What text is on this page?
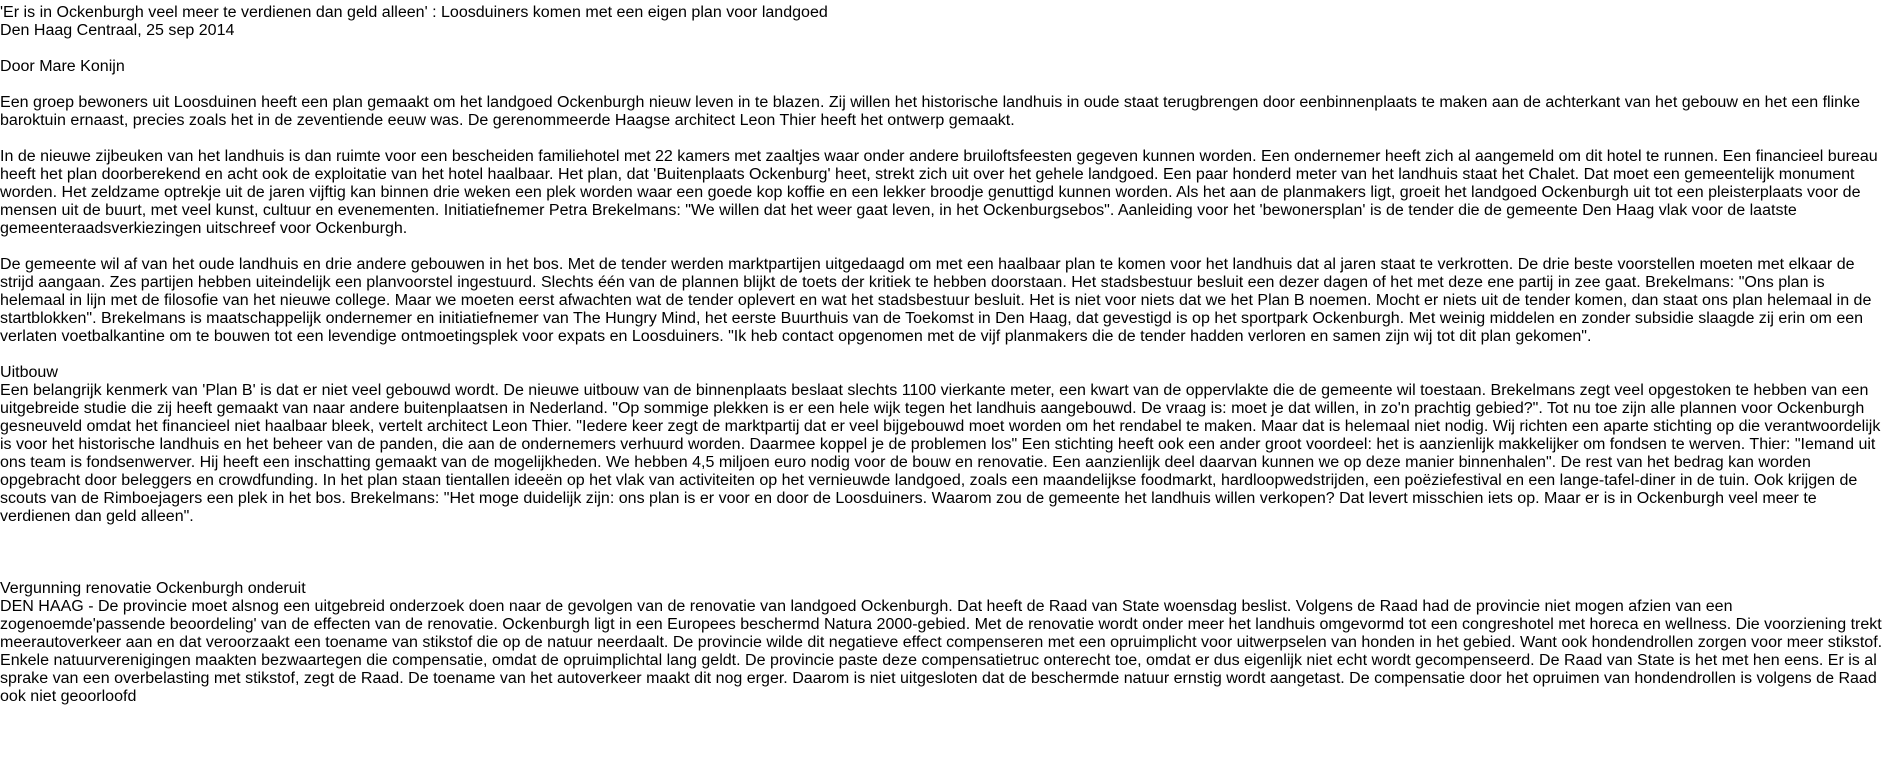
'Er is in Ockenburgh veel meer te verdienen dan geld alleen' : Loosduiners komen met een eigen plan voor landgoed

Den Haag Centraal, 25 sep 2014

Door Mare Konijn

Een groep bewoners uit Loosduinen heeft een plan gemaakt om het landgoed Ockenburgh nieuw leven in te blazen. Zij willen het historische landhuis in oude staat terugbrengen door eenbinnenplaats te maken aan de achterkant van het gebouw en het een flinke baroktuin ernaast, precies zoals het in de zeventiende eeuw was. De gerenommeerde Haagse architect Leon Thier heeft het ontwerp gemaakt.

In de nieuwe zijbeuken van het landhuis is dan ruimte voor een bescheiden familiehotel met 22 kamers met zaaltjes waar onder andere bruiloftsfeesten gegeven kunnen worden. Een ondernemer heeft zich al aangemeld om dit hotel te runnen. Een financieel bureau heeft het plan doorberekend en acht ook de exploitatie van het hotel haalbaar. Het plan, dat 'Buitenplaats Ockenburg' heet, strekt zich uit over het gehele landgoed. Een paar honderd meter van het landhuis staat het Chalet. Dat moet een gemeentelijk monument worden. Het zeldzame optrekje uit de jaren vijftig kan binnen drie weken een plek worden waar een goede kop koffie en een lekker broodje genuttigd kunnen worden. Als het aan de planmakers ligt, groeit het landgoed Ockenburgh uit tot een pleisterplaats voor de mensen uit de buurt, met veel kunst, cultuur en evenementen. Initiatiefnemer Petra Brekelmans: "We willen dat het weer gaat leven, in het Ockenburgsebos". Aanleiding voor het 'bewonersplan' is de tender die de gemeente Den Haag vlak voor de laatste gemeenteraadsverkiezingen uitschreef voor Ockenburgh.

De gemeente wil af van het oude landhuis en drie andere gebouwen in het bos. Met de tender werden marktpartijen uitgedaagd om met een haalbaar plan te komen voor het landhuis dat al jaren staat te verkrotten. De drie beste voorstellen moeten met elkaar de strijd aangaan. Zes partijen hebben uiteindelijk een planvoorstel ingestuurd. Slechts één van de plannen blijkt de toets der kritiek te hebben doorstaan. Het stadsbestuur besluit een dezer dagen of het met deze ene partij in zee gaat. Brekelmans: "Ons plan is helemaal in lijn met de filosofie van het nieuwe college. Maar we moeten eerst afwachten wat de tender oplevert en wat het stadsbestuur besluit. Het is niet voor niets dat we het Plan B noemen. Mocht er niets uit de tender komen, dan staat ons plan helemaal in de startblokken". Brekelmans is maatschappelijk ondernemer en initiatiefnemer van The Hungry Mind, het eerste Buurthuis van de Toekomst in Den Haag, dat gevestigd is op het sportpark Ockenburgh. Met weinig middelen en zonder subsidie slaagde zij erin om een verlaten voetbalkantine om te bouwen tot een levendige ontmoetingsplek voor expats en Loosduiners. "Ik heb contact opgenomen met de vijf planmakers die de tender hadden verloren en samen zijn wij tot dit plan gekomen".

Uitbouw

Een belangrijk kenmerk van 'Plan B' is dat er niet veel gebouwd wordt. De nieuwe uitbouw van de binnenplaats beslaat slechts 1100 vierkante meter, een kwart van de oppervlakte die de gemeente wil toestaan. Brekelmans zegt veel opgestoken te hebben van een uitgebreide studie die zij heeft gemaakt van naar andere buitenplaatsen in Nederland. "Op sommige plekken is er een hele wijk tegen het landhuis aangebouwd. De vraag is: moet je dat willen, in zo'n prachtig gebied?". Tot nu toe zijn alle plannen voor Ockenburgh gesneuveld omdat het financieel niet haalbaar bleek, vertelt architect Leon Thier. "Iedere keer zegt de marktpartij dat er veel bijgebouwd moet worden om het rendabel te maken. Maar dat is helemaal niet nodig. Wij richten een aparte stichting op die verantwoordelijk is voor het historische landhuis en het beheer van de panden, die aan de ondernemers verhuurd worden. Daarmee koppel je de problemen los" Een stichting heeft ook een ander groot voordeel: het is aanzienlijk makkelijker om fondsen te werven. Thier: "Iemand uit ons team is fondsenwerver. Hij heeft een inschatting gemaakt van de mogelijkheden. We hebben 4,5 miljoen euro nodig voor de bouw en renovatie. Een aanzienlijk deel daarvan kunnen we op deze manier binnenhalen". De rest van het bedrag kan worden opgebracht door beleggers en crowdfunding. In het plan staan tientallen ideeën op het vlak van activiteiten op het vernieuwde landgoed, zoals een maandelijkse foodmarkt, hardloopwedstrijden, een poëziefestival en een lange-tafel-diner in de tuin. Ook krijgen de scouts van de Rimboejagers een plek in het bos. Brekelmans: "Het moge duidelijk zijn: ons plan is er voor en door de Loosduiners. Waarom zou de gemeente het landhuis willen verkopen? Dat levert misschien iets op. Maar er is in Ockenburgh veel meer te verdienen dan geld alleen".

Vergunning renovatie Ockenburgh onderuit

DEN HAAG - De provincie moet alsnog een uitgebreid onderzoek doen naar de gevolgen van de renovatie van landgoed Ockenburgh. Dat heeft de Raad van State woensdag beslist. Volgens de Raad had de provincie niet mogen afzien van een zogenoemde'passende beoordeling' van de effecten van de renovatie. Ockenburgh ligt in een Europees beschermd Natura 2000-gebied. Met de renovatie wordt onder meer het landhuis omgevormd tot een congreshotel met horeca en wellness. Die voorziening trekt meerautoverkeer aan en dat veroorzaakt een toename van stikstof die op de natuur neerdaalt. De provincie wilde dit negatieve effect compenseren met een opruimplicht voor uitwerpselen van honden in het gebied. Want ook hondendrollen zorgen voor meer stikstof. Enkele natuurverenigingen maakten bezwaartegen die compensatie, omdat de opruimplichtal lang geldt. De provincie paste deze compensatietruc onterecht toe, omdat er dus eigenlijk niet echt wordt gecompenseerd. De Raad van State is het met hen eens. Er is al sprake van een overbelasting met stikstof, zegt de Raad. De toename van het autoverkeer maakt dit nog erger. Daarom is niet uitgesloten dat de beschermde natuur ernstig wordt aangetast. De compensatie door het opruimen van hondendrollen is volgens de Raad ook niet geoorloofd
